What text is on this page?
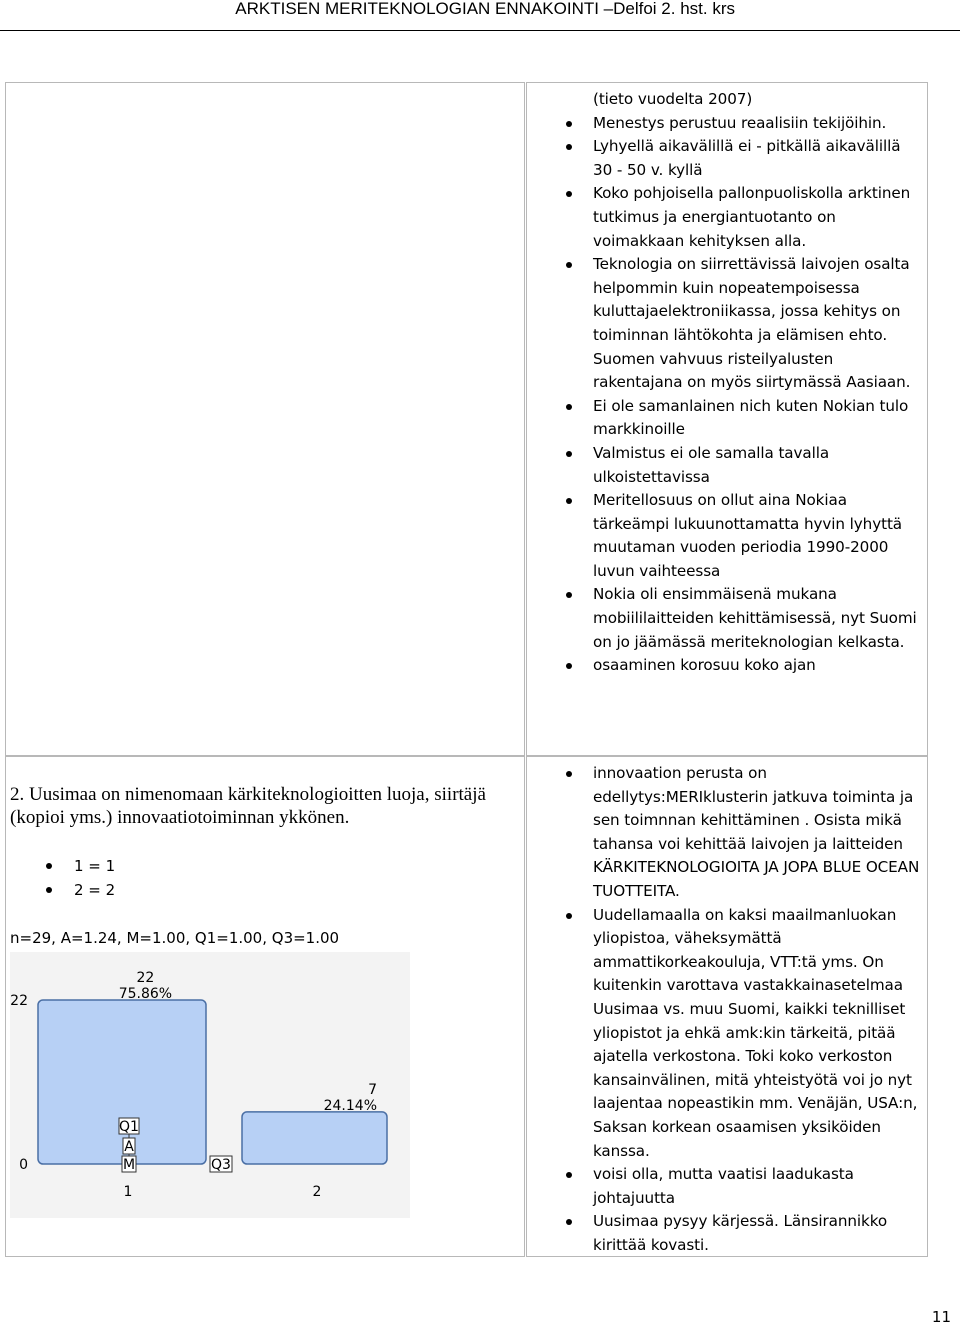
ARKTISEN MERITEKNOLOGIAN ENNAKOINTI –Delfoi 2. hst. krs
(tieto vuodelta 2007)
Menestys perustuu reaalisiin tekijöihin.
Lyhyellä aikavälillä ei - pitkällä aikavälillä 30 - 50 v. kyllä
Koko pohjoisella pallonpuoliskolla arktinen tutkimus ja energiantuotanto on voimakkaan kehityksen alla.
Teknologia on siirrettävissä laivojen osalta helpommin kuin nopeatempoisessa kuluttajaelektroniikassa, jossa kehitys on toiminnan lähtökohta ja elämisen ehto. Suomen vahvuus risteilyalusten rakentajana on myös siirtymässä Aasiaan.
Ei ole samanlainen nich kuten Nokian tulo markkinoille
Valmistus ei ole samalla tavalla ulkoistettavissa
Meritellosuus on ollut aina Nokiaa tärkeämpi lukuunottamatta hyvin lyhyttä muutaman vuoden periodia 1990-2000 luvun vaihteessa
Nokia oli ensimmäisenä mukana mobiililaitteiden kehittämisessä, nyt Suomi on jo jäämässä meriteknologian kelkasta.
osaaminen korosuu koko ajan
2. Uusimaa on nimenomaan kärkiteknologioitten luoja, siirtäjä (kopioi yms.) innovaatiotoiminnan ykkönen.
1 = 1
2 = 2
n=29, A=1.24, M=1.00, Q1=1.00, Q3=1.00
22
0
22
75.86%
1
7
24.14%
2
Q1
A
M	Q3
innovaation perusta on edellytys:MERIklusterin jatkuva toiminta ja sen toimnnan kehittäminen . Osista mikä tahansa voi kehittää laivojen ja laitteiden KÄRKITEKNOLOGIOITA JA JOPA BLUE OCEAN TUOTTEITA.
Uudellamaalla on kaksi maailmanluokan yliopistoa, väheksymättä ammattikorkeakouluja, VTT:tä yms. On kuitenkin varottava vastakkainasetelmaa Uusimaa vs. muu Suomi, kaikki teknilliset yliopistot ja ehkä amk:kin tärkeitä, pitää ajatella verkostona. Toki koko verkoston kansainvälinen, mitä yhteistyötä voi jo nyt laajentaa nopeastikin mm. Venäjän, USA:n, Saksan korkean osaamisen yksiköiden kanssa.
voisi olla, mutta vaatisi laadukasta johtajuutta
Uusimaa pysyy kärjessä. Länsirannikko kirittää kovasti.
11
